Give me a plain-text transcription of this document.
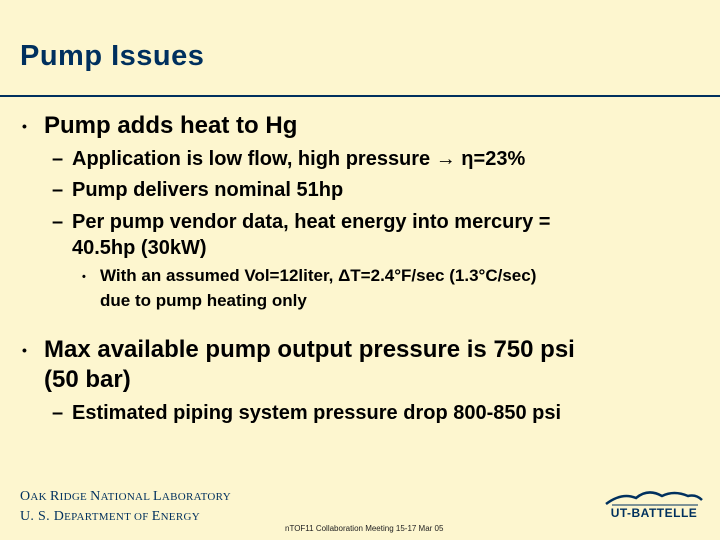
Pump Issues
• Pump adds heat to Hg
– Application is low flow, high pressure → η=23%
– Pump delivers nominal 51hp
– Per pump vendor data, heat energy into mercury =
40.5hp (30kW)
• With an assumed Vol=12liter, ΔT=2.4°F/sec (1.3°C/sec)
due to pump heating only
• Max available pump output pressure is 750 psi
(50 bar)
– Estimated piping system pressure drop 800-850 psi
OAK RIDGE NATIONAL LABORATORY
U. S. DEPARTMENT OF ENERGY
nTOF11 Collaboration Meeting 15-17 Mar 05
UT-BATTELLE
